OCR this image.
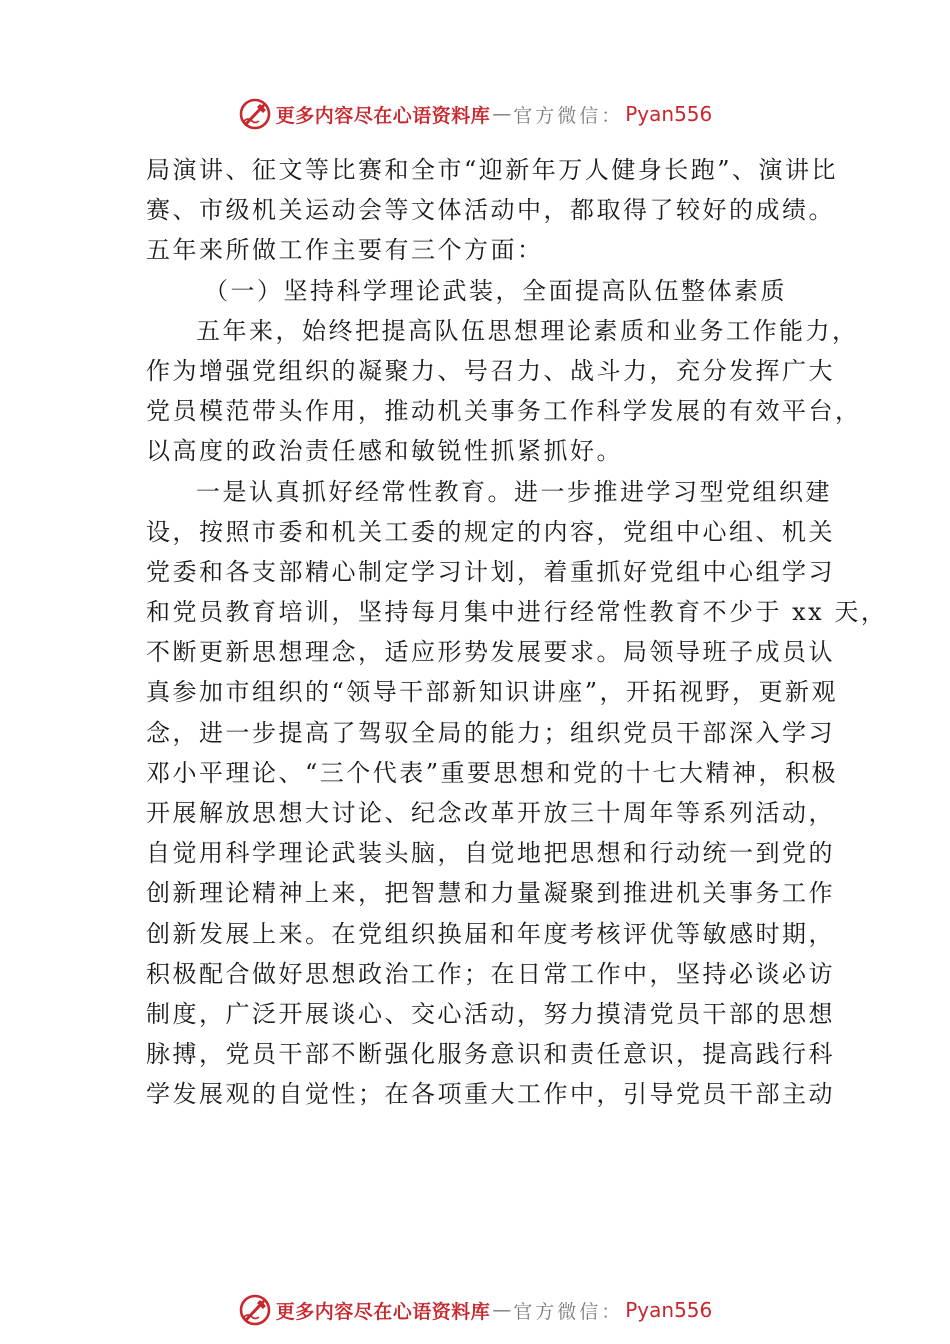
更多内容尽在心语资料库 — 官方微信： Pyan556
局演讲、征文等比赛和全市“迎新年万人健身长跑”、演讲比
赛、市级机关运动会等文体活动中，都取得了较好的成绩。
五年来所做工作主要有三个方面：
（一）坚持科学理论武装，全面提高队伍整体素质
五年来，始终把提高队伍思想理论素质和业务工作能力，
作为增强党组织的凝聚力、号召力、战斗力，充分发挥广大
党员模范带头作用，推动机关事务工作科学发展的有效平台，
以高度的政治责任感和敏锐性抓紧抓好。
一是认真抓好经常性教育。进一步推进学习型党组织建
设，按照市委和机关工委的规定的内容，党组中心组、机关
党委和各支部精心制定学习计划，着重抓好党组中心组学习
和党员教育培训，坚持每月集中进行经常性教育不少于 xx 天，
不断更新思想理念，适应形势发展要求。局领导班子成员认
真参加市组织的“领导干部新知识讲座”，开拓视野，更新观
念，进一步提高了驾驭全局的能力；组织党员干部深入学习
邓小平理论、“三个代表”重要思想和党的十七大精神，积极
开展解放思想大讨论、纪念改革开放三十周年等系列活动，
自觉用科学理论武装头脑，自觉地把思想和行动统一到党的
创新理论精神上来，把智慧和力量凝聚到推进机关事务工作
创新发展上来。在党组织换届和年度考核评优等敏感时期，
积极配合做好思想政治工作；在日常工作中，坚持必谈必访
制度，广泛开展谈心、交心活动，努力摸清党员干部的思想
脉搏，党员干部不断强化服务意识和责任意识，提高践行科
学发展观的自觉性；在各项重大工作中，引导党员干部主动
更多内容尽在心语资料库 — 官方微信： Pyan556
